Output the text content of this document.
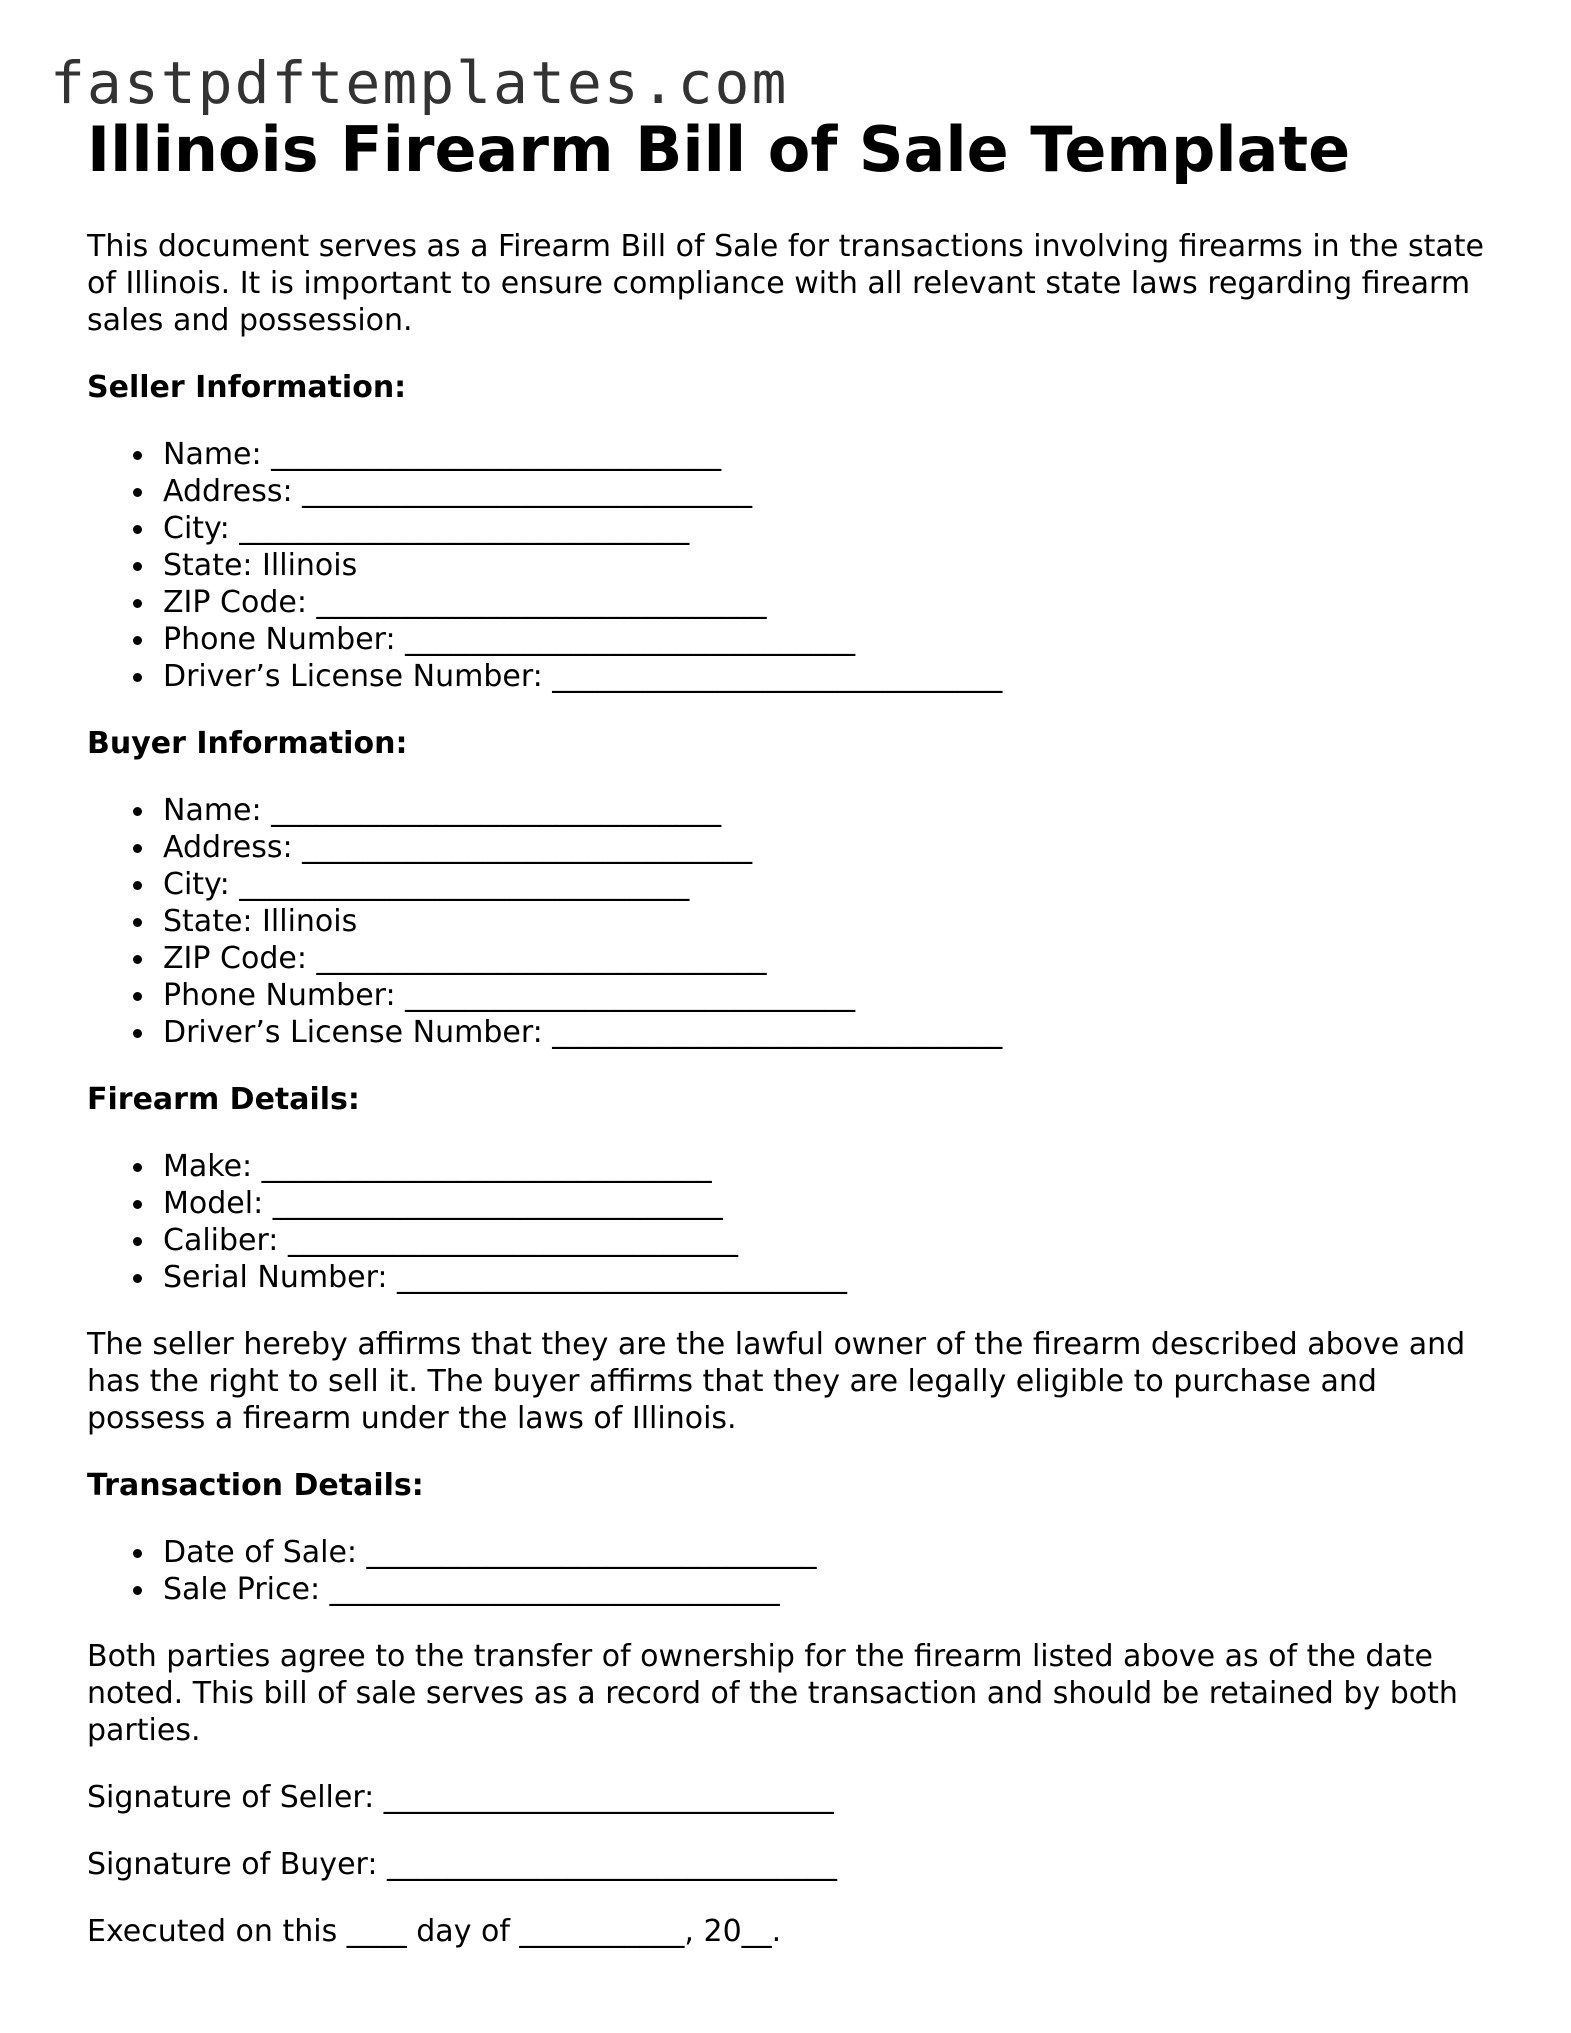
fastpdftemplates.com
Illinois Firearm Bill of Sale Template

This document serves as a Firearm Bill of Sale for transactions involving firearms in the state of Illinois. It is important to ensure compliance with all relevant state laws regarding firearm sales and possession.

Seller Information:

Name: ______________________________
Address: ______________________________
City: ______________________________
State: Illinois
ZIP Code: ______________________________
Phone Number: ______________________________
Driver’s License Number: ______________________________

Buyer Information:

Name: ______________________________
Address: ______________________________
City: ______________________________
State: Illinois
ZIP Code: ______________________________
Phone Number: ______________________________
Driver’s License Number: ______________________________

Firearm Details:

Make: ______________________________
Model: ______________________________
Caliber: ______________________________
Serial Number: ______________________________

The seller hereby affirms that they are the lawful owner of the firearm described above and has the right to sell it. The buyer affirms that they are legally eligible to purchase and possess a firearm under the laws of Illinois.

Transaction Details:

Date of Sale: ______________________________
Sale Price: ______________________________

Both parties agree to the transfer of ownership for the firearm listed above as of the date noted. This bill of sale serves as a record of the transaction and should be retained by both parties.

Signature of Seller: ______________________________

Signature of Buyer: ______________________________

Executed on this ____ day of ___________, 20__.
